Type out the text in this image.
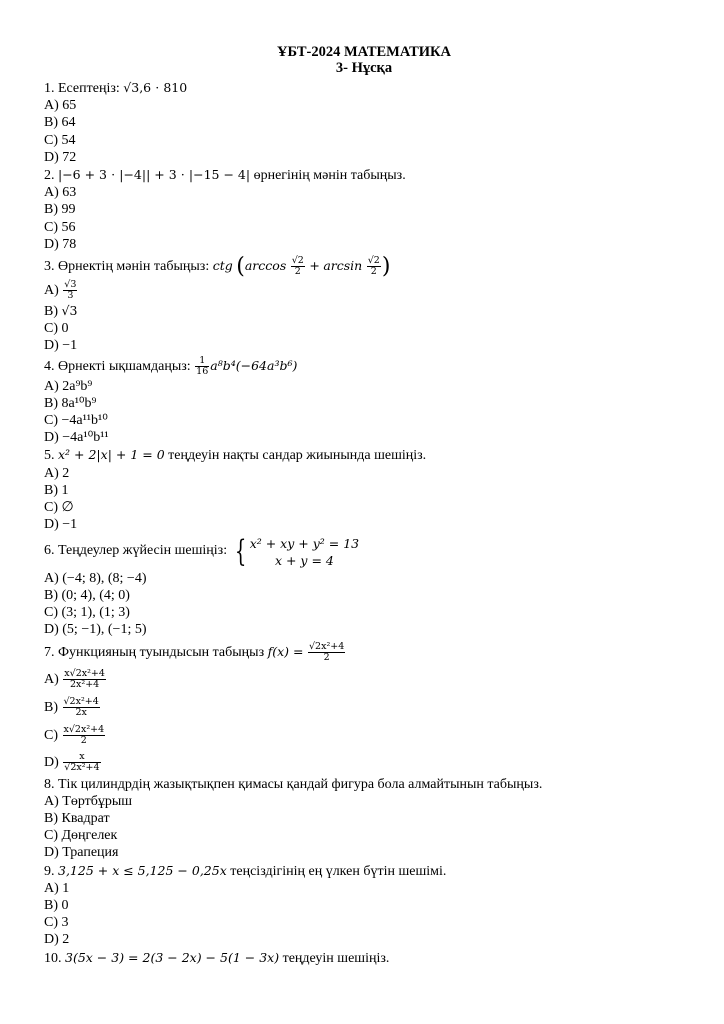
ҰБТ-2024 МАТЕМАТИКА
3- Нұсқа
1. Есептеңіз: √3,6 ⋅ 810
A) 65
B) 64
C) 54
D) 72
2. |−6 + 3 ⋅ |−4|| + 3 ⋅ |−15 − 4| өрнегінің мәнін табыңыз.
A) 63
B) 99
C) 56
D) 78
3. Өрнектің мәнін табыңыз: ctg ($\arccos \frac{√2}{2} + \arcsin \frac{√2}{2}$ )
$A) \frac{√3}{3}$
B) √3
C) 0
D) −1
4. Өрнекті ықшамдаңыз: $\frac{1}{16} a^8b^4(-64a^3b^6)$
A) 2a⁹b⁹
B) 8a¹⁰b⁹
C) −4a¹¹b¹⁰
D) −4a¹⁰b¹¹
5. x² + 2|x| + 1 = 0 теңдеуін нақты сандар жиынында шешіңіз.
A) 2
B) 1
C) ∅
D) −1
6. Теңдеулер жүйесін шешіңіз: { x² + xy + y² = 13
x + y = 4
A) (−4; 8), (8; −4)
B) (0; 4), (4; 0)
C) (3; 1), (1; 3)
D) (5; −1), (−1; 5)
7. Функцияның туындысын табыңыз $f(x) = \frac{\text{√2x²+4}}{2}$
$A) \frac{\text{x√2x²+4}}{\text{2x²+4}}$
$B) \frac{\text{√2x²+4}}{2x}$
$C) \frac{\text{x√2x²+4}}{2}$
$D) \frac{x}{\text{√2x²+4}}$
8. Тік цилиндрдің жазықтықпен қимасы қандай фигура бола алмайтынын табыңыз.
A) Төртбұрыш
B) Квадрат
C) Дөңгелек
D) Трапеция
9. 3,125 + x ≤ 5,125 − 0,25x теңсіздігінің ең үлкен бүтін шешімі.
A) 1
B) 0
C) 3
D) 2
10. 3(5x − 3) = 2(3 − 2x) − 5(1 − 3x) теңдеуін шешіңіз.
